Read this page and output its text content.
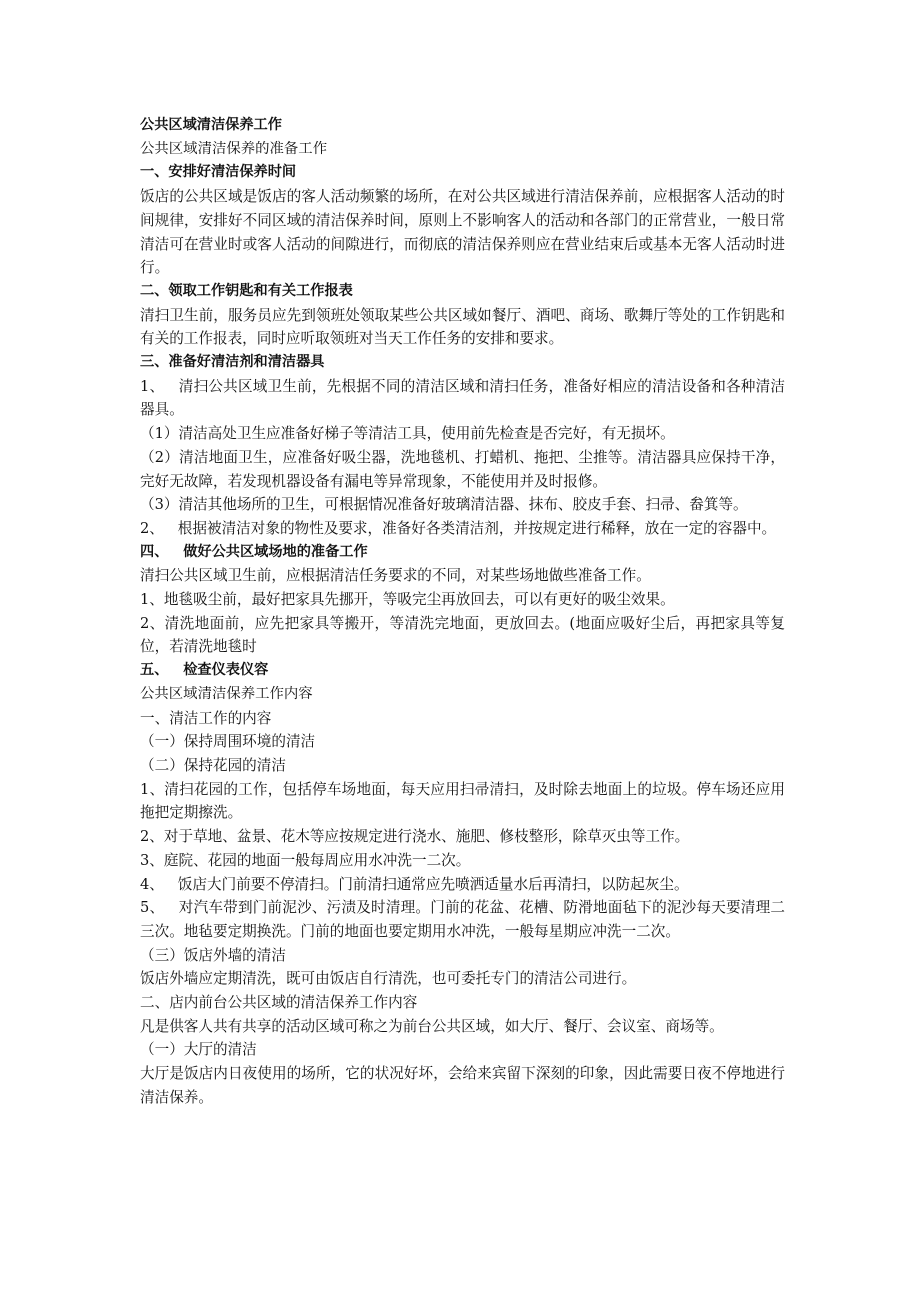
公共区域清洁保养工作

公共区域清洁保养的准备工作

一、安排好清洁保养时间

饭店的公共区域是饭店的客人活动频繁的场所，在对公共区域进行清洁保养前，应根据客人活动的时间规律，安排好不同区域的清洁保养时间，原则上不影响客人的活动和各部门的正常营业，一般日常清洁可在营业时或客人活动的间隙进行，而彻底的清洁保养则应在营业结束后或基本无客人活动时进行。

二、领取工作钥匙和有关工作报表

清扫卫生前，服务员应先到领班处领取某些公共区域如餐厅、酒吧、商场、歌舞厅等处的工作钥匙和有关的工作报表，同时应听取领班对当天工作任务的安排和要求。

三、准备好清洁剂和清洁器具

1、   清扫公共区域卫生前，先根据不同的清洁区域和清扫任务，准备好相应的清洁设备和各种清洁器具。

（1）清洁高处卫生应准备好梯子等清洁工具，使用前先检查是否完好，有无损坏。

（2）清洁地面卫生，应准备好吸尘器，洗地毯机、打蜡机、拖把、尘推等。清洁器具应保持干净，完好无故障，若发现机器设备有漏电等异常现象，不能使用并及时报修。

（3）清洁其他场所的卫生，可根据情况准备好玻璃清洁器、抹布、胶皮手套、扫帚、畚箕等。

2、   根据被清洁对象的物性及要求，准备好各类清洁剂，并按规定进行稀释，放在一定的容器中。

四、   做好公共区域场地的准备工作

清扫公共区域卫生前，应根据清洁任务要求的不同，对某些场地做些准备工作。

1、地毯吸尘前，最好把家具先挪开，等吸完尘再放回去，可以有更好的吸尘效果。

2、清洗地面前，应先把家具等搬开，等清洗完地面，更放回去。(地面应吸好尘后，再把家具等复位，若清洗地毯时

五、   检查仪表仪容

公共区域清洁保养工作内容

一、清洁工作的内容

（一）保持周围环境的清洁

（二）保持花园的清洁

1、清扫花园的工作，包括停车场地面，每天应用扫帚清扫，及时除去地面上的垃圾。停车场还应用拖把定期擦洗。

2、对于草地、盆景、花木等应按规定进行浇水、施肥、修枝整形，除草灭虫等工作。

3、庭院、花园的地面一般每周应用水冲洗一二次。

4、   饭店大门前要不停清扫。门前清扫通常应先喷洒适量水后再清扫，以防起灰尘。

5、   对汽车带到门前泥沙、污渍及时清理。门前的花盆、花槽、防滑地面毡下的泥沙每天要清理二三次。地毡要定期换洗。门前的地面也要定期用水冲洗，一般每星期应冲洗一二次。

（三）饭店外墙的清洁

饭店外墙应定期清洗，既可由饭店自行清洗，也可委托专门的清洁公司进行。

二、店内前台公共区域的清洁保养工作内容

凡是供客人共有共享的活动区域可称之为前台公共区域，如大厅、餐厅、会议室、商场等。

（一）大厅的清洁

大厅是饭店内日夜使用的场所，它的状况好坏，会给来宾留下深刻的印象，因此需要日夜不停地进行清洁保养。
